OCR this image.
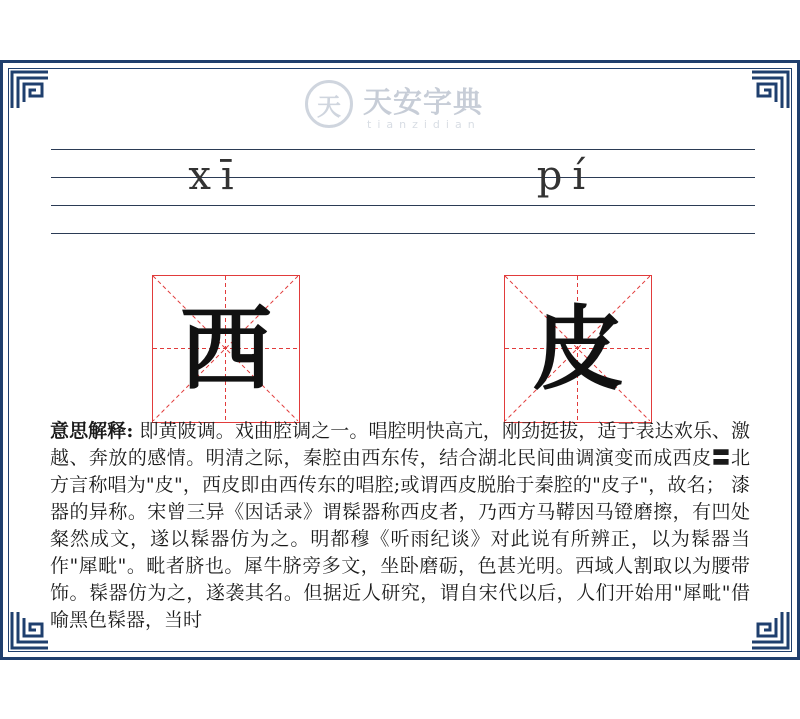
天 天安字典
tianzidian
xī	pí
西	皮
意思解释: 即黄陂调。戏曲腔调之一。唱腔明快高亢，刚劲挺拔，适于表达欢乐、激越、奔放的感情。明清之际，秦腔由西东传，结合湖北民间曲调演变而成西皮〓北方言称唱为"皮"，西皮即由西传东的唱腔;或谓西皮脱胎于秦腔的"皮子"，故名； 漆器的异称。宋曾三异《因话录》谓髹器称西皮者，乃西方马鞯因马镫磨擦，有凹处粲然成文，遂以髹器仿为之。明都穆《听雨纪谈》对此说有所辨正，以为髹器当作"犀毗"。毗者脐也。犀牛脐旁多文，坐卧磨砺，色甚光明。西域人割取以为腰带饰。髹器仿为之，遂袭其名。但据近人研究，谓自宋代以后，人们开始用"犀毗"借喻黑色髹器，当时
